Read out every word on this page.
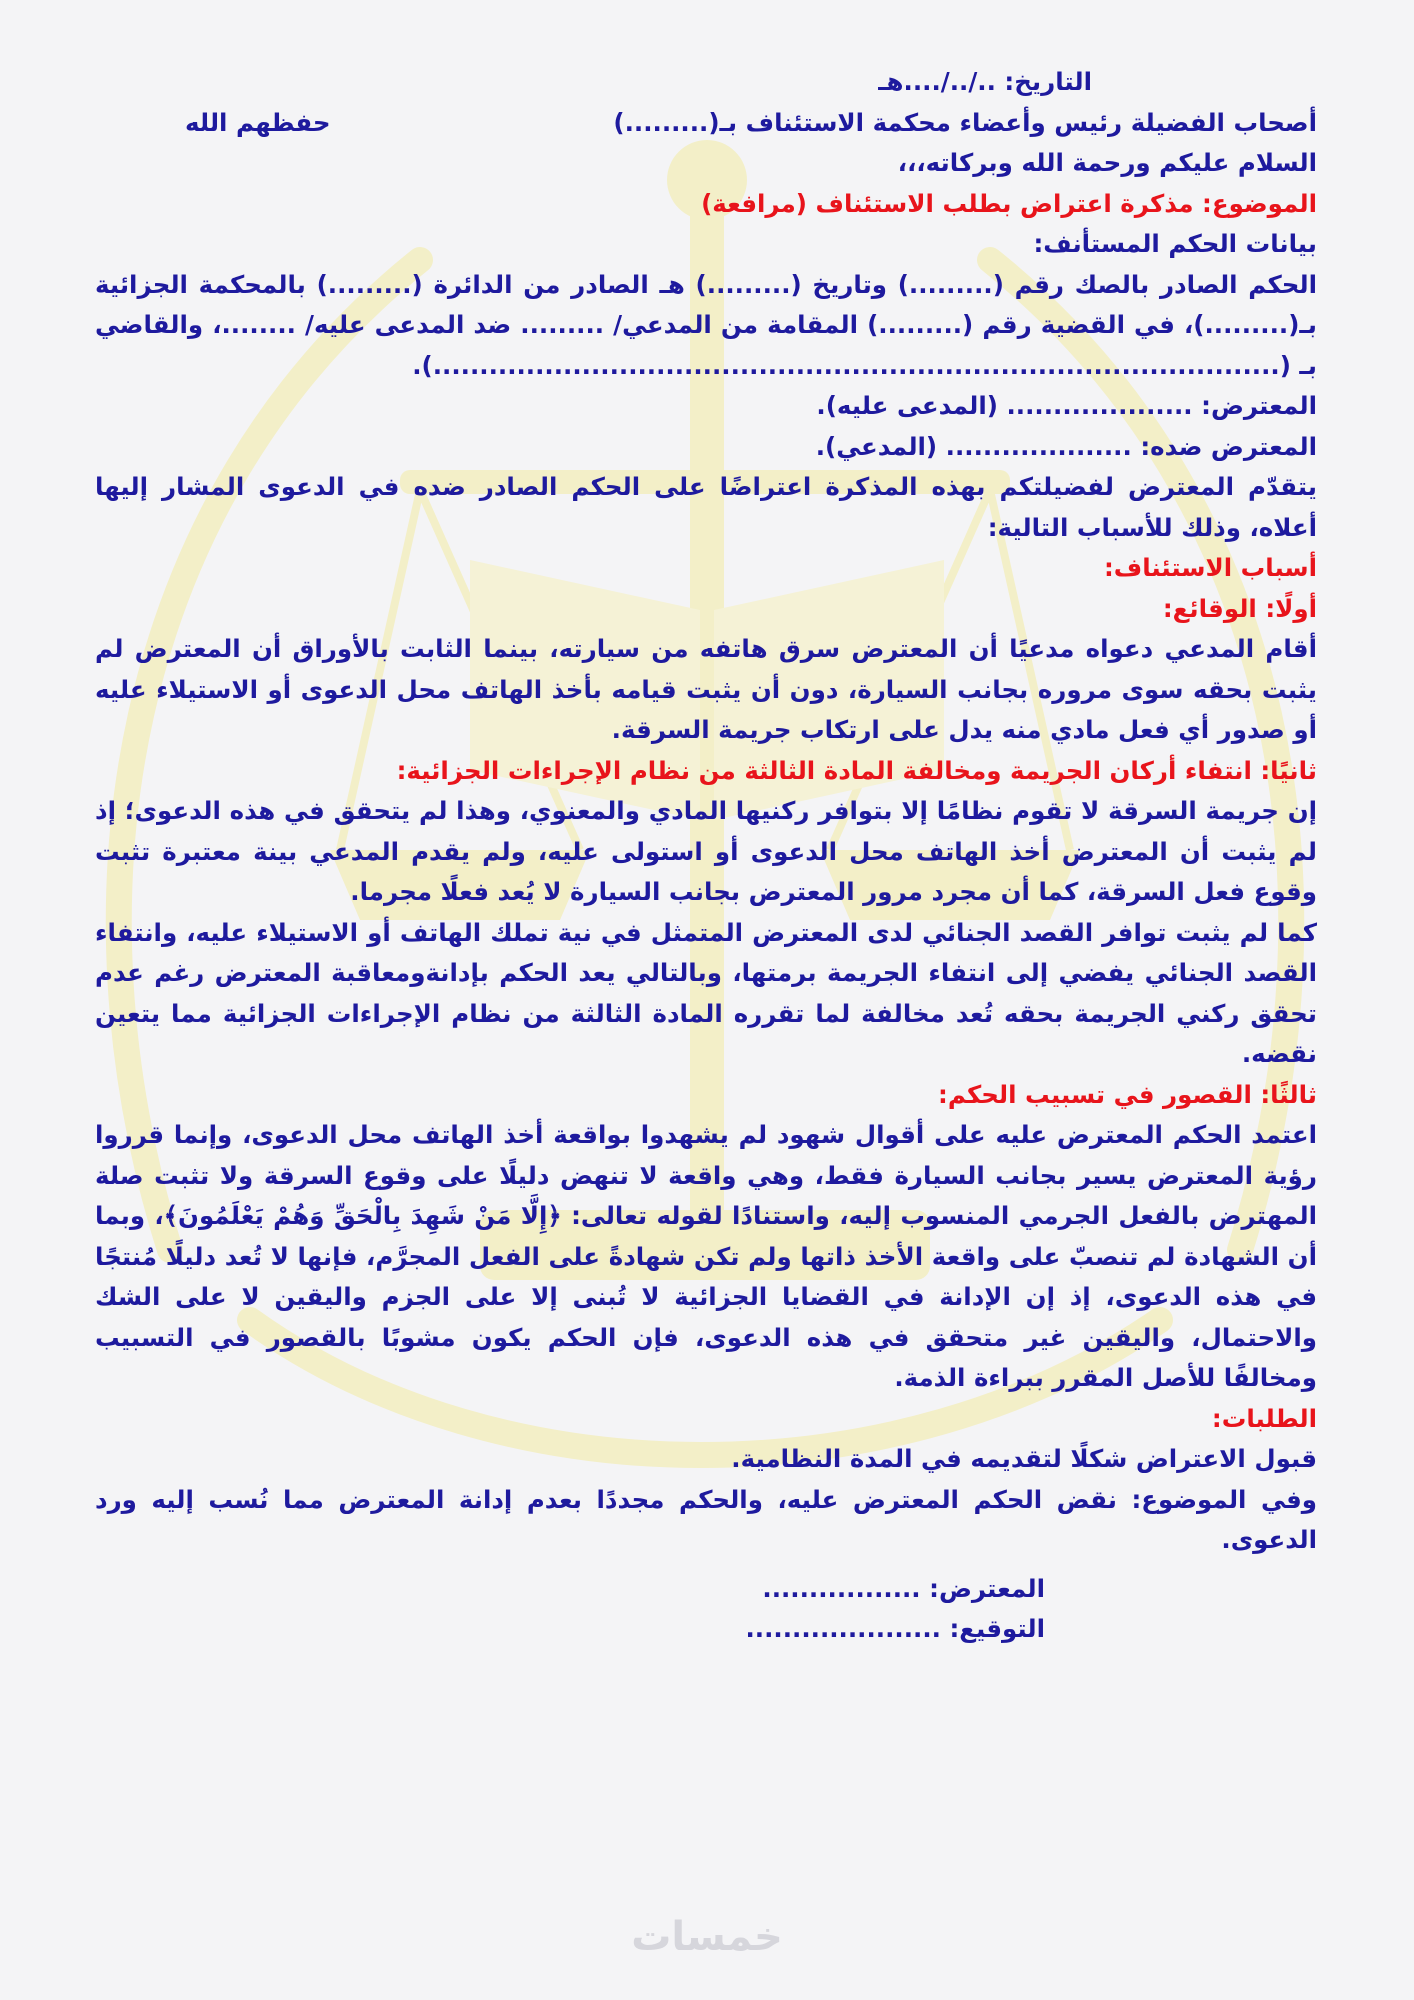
التاريخ: ../../....هـ

أصحاب الفضيلة رئيس وأعضاء محكمة الاستئناف بـ(.........)
حفظهم الله

السلام عليكم ورحمة الله وبركاته،،،

الموضوع: مذكرة اعتراض بطلب الاستئناف (مرافعة)

بيانات الحكم المستأنف:

الحكم الصادر بالصك رقم (.........) وتاريخ (.........) هـ الصادر من الدائرة (.........) بالمحكمة الجزائية بـ(.........)، في القضية رقم (.........) المقامة من المدعي/ ......... ضد المدعى عليه/ ........، والقاضي بـ (...........................................................................................).

المعترض: .................... (المدعى عليه).

المعترض ضده: .................... (المدعي).

يتقدّم المعترض لفضيلتكم بهذه المذكرة اعتراضًا على الحكم الصادر ضده في الدعوى المشار إليها أعلاه، وذلك للأسباب التالية:

أسباب الاستئناف:

أولًا: الوقائع:

أقام المدعي دعواه مدعيًا أن المعترض سرق هاتفه من سيارته، بينما الثابت بالأوراق أن المعترض لم يثبت بحقه سوى مروره بجانب السيارة، دون أن يثبت قيامه بأخذ الهاتف محل الدعوى أو الاستيلاء عليه أو صدور أي فعل مادي منه يدل على ارتكاب جريمة السرقة.

ثانيًا: انتفاء أركان الجريمة ومخالفة المادة الثالثة من نظام الإجراءات الجزائية:

إن جريمة السرقة لا تقوم نظامًا إلا بتوافر ركنيها المادي والمعنوي، وهذا لم يتحقق في هذه الدعوى؛ إذ لم يثبت أن المعترض أخذ الهاتف محل الدعوى أو استولى عليه، ولم يقدم المدعي بينة معتبرة تثبت وقوع فعل السرقة، كما أن مجرد مرور المعترض بجانب السيارة لا يُعد فعلًا مجرما.

كما لم يثبت توافر القصد الجنائي لدى المعترض المتمثل في نية تملك الهاتف أو الاستيلاء عليه، وانتفاء القصد الجنائي يفضي إلى انتفاء الجريمة برمتها، وبالتالي يعد الحكم بإدانةومعاقبة المعترض رغم عدم تحقق ركني الجريمة بحقه تُعد مخالفة لما تقرره المادة الثالثة من نظام الإجراءات الجزائية مما يتعين نقضه.

ثالثًا: القصور في تسبيب الحكم:

اعتمد الحكم المعترض عليه على أقوال شهود لم يشهدوا بواقعة أخذ الهاتف محل الدعوى، وإنما قرروا رؤية المعترض يسير بجانب السيارة فقط، وهي واقعة لا تنهض دليلًا على وقوع السرقة ولا تثبت صلة المهترض بالفعل الجرمي المنسوب إليه، واستنادًا لقوله تعالى: ﴿إِلَّا مَنْ شَهِدَ بِالْحَقِّ وَهُمْ يَعْلَمُونَ﴾، وبما أن الشهادة لم تنصبّ على واقعة الأخذ ذاتها ولم تكن شهادةً على الفعل المجرَّم، فإنها لا تُعد دليلًا مُنتجًا في هذه الدعوى، إذ إن الإدانة في القضايا الجزائية لا تُبنى إلا على الجزم واليقين لا على الشك والاحتمال، واليقين غير متحقق في هذه الدعوى، فإن الحكم يكون مشوبًا بالقصور في التسبيب ومخالفًا للأصل المقرر ببراءة الذمة.

الطلبات:

قبول الاعتراض شكلًا لتقديمه في المدة النظامية.

وفي الموضوع: نقض الحكم المعترض عليه، والحكم مجددًا بعدم إدانة المعترض مما نُسب إليه ورد الدعوى.

المعترض: .................

التوقيع: .....................

خمسات
